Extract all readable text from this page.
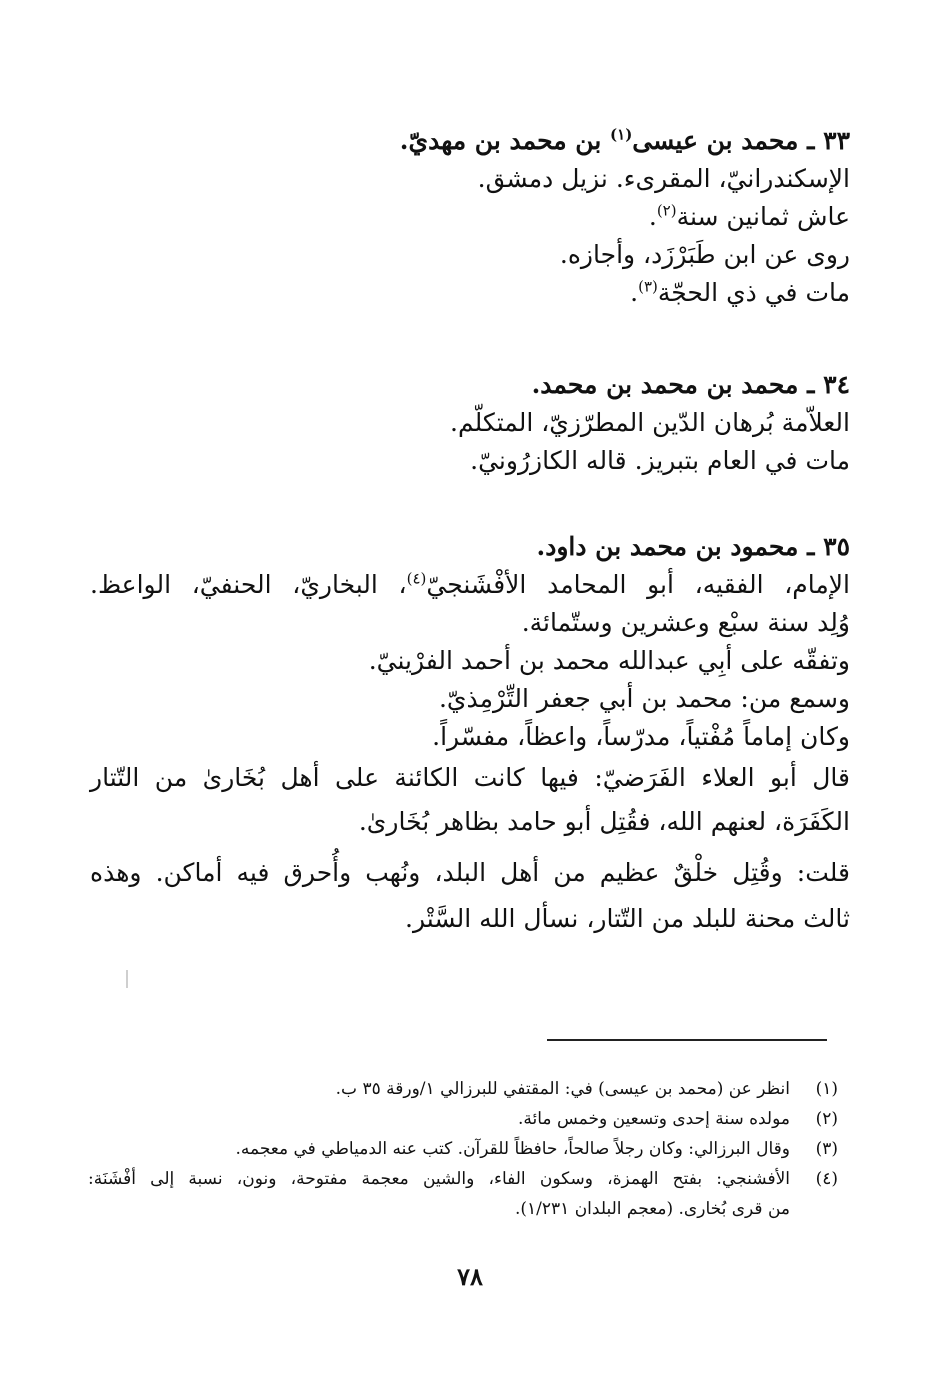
٣٣ ـ محمد بن عيسى$^{(١)}$ بن محمد بن مهديّ.
الإسكندرانيّ، المقرىء. نزيل دمشق.
عاش ثمانين سنة$^{(٢)}$.
روى عن ابن طَبَرْزَد، وأجازه.
مات في ذي الحجّة$^{(٣)}$.
٣٤ ـ محمد بن محمد بن محمد.
العلاّمة بُرهان الدّين المطرّزيّ، المتكلّم.
مات في العام بتبريز. قاله الكازرُونيّ.
٣٥ ـ محمود بن محمد بن داود.
الإمام، الفقيه، أبو المحامد الأفْشَنجيّ$^{(٤)}$، البخاريّ، الحنفيّ، الواعظ.
وُلِد سنة سبْع وعشرين وستّمائة.
وتفقّه على أبِي عبدالله محمد بن أحمد الفرْينيّ.
وسمع من: محمد بن أبي جعفر التِّرْمِذيّ.
وكان إماماً مُفْتياً، مدرّساً، واعظاً، مفسّراً.
قال أبو العلاء الفَرَضيّ: فيها كانت الكائنة على أهل بُخَارىٰ من التّتار
الكَفَرَة، لعنهم الله، فقُتِل أبو حامد بظاهر بُخَارىٰ.
قلت: وقُتِل خلْقٌ عظيم من أهل البلد، ونُهب وأُحرق فيه أماكن. وهذه
ثالث محنة للبلد من التّتار، نسأل الله السَّتْر.
(١)
انظر عن (محمد بن عيسى) في: المقتفي للبرزالي ١/ورقة ٣٥ ب.
(٢)
مولده سنة إحدى وتسعين وخمس مائة.
(٣)
وقال البرزالي: وكان رجلاً صالحاً، حافظاً للقرآن. كتب عنه الدمياطي في معجمه.
(٤)
الأفشنجي: بفتح الهمزة، وسكون الفاء، والشين معجمة مفتوحة، ونون، نسبة إلى أفْشَنَة:
من قرى بُخارى. (معجم البلدان ١/٢٣١).
٧٨
